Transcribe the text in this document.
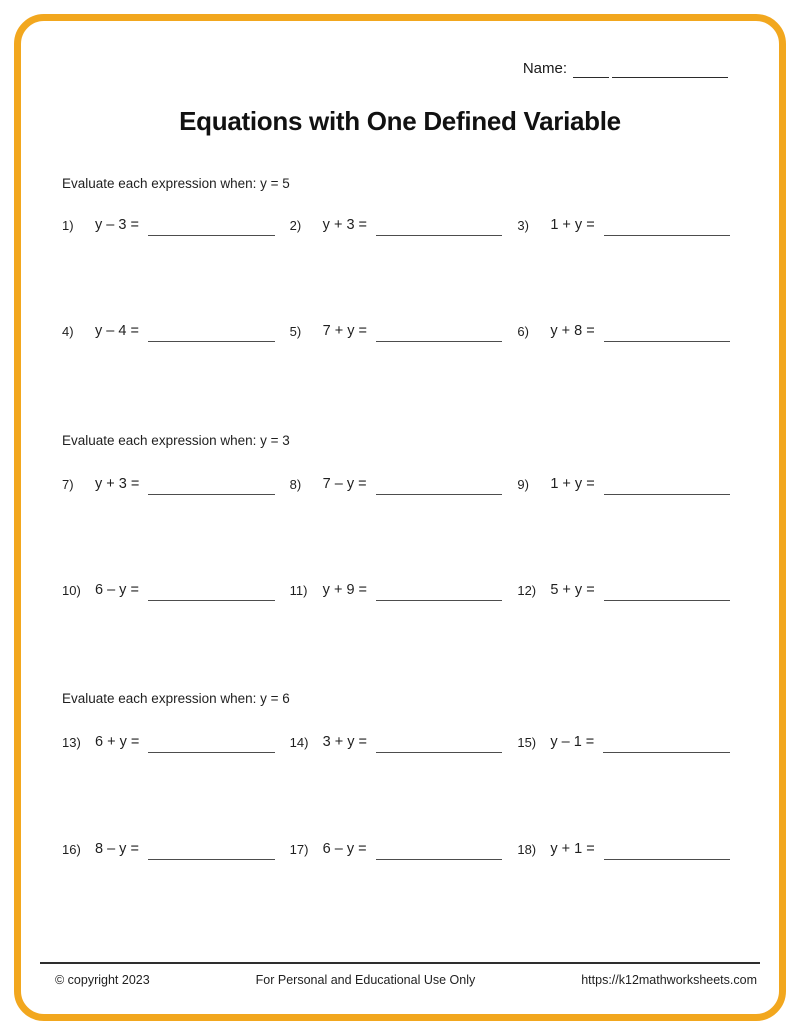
Name:
Equations with One Defined Variable
Evaluate each expression when: y = 5
1)	y – 3 =	2)	y + 3 =	3)	1 + y =
4)	y – 4 =	5)	7 + y =	6)	y + 8 =
Evaluate each expression when: y = 3
7)	y + 3 =	8)	7 – y =	9)	1 + y =
10) 6 – y =	11)	y + 9 =	12) 5 + y =
Evaluate each expression when: y = 6
13) 6 + y =	14) 3 + y =	15) y – 1 =
16) 8 – y =	17) 6 – y =	18) y + 1 =
© copyright 2023	For Personal and Educational Use Only	https://k12mathworksheets.com
